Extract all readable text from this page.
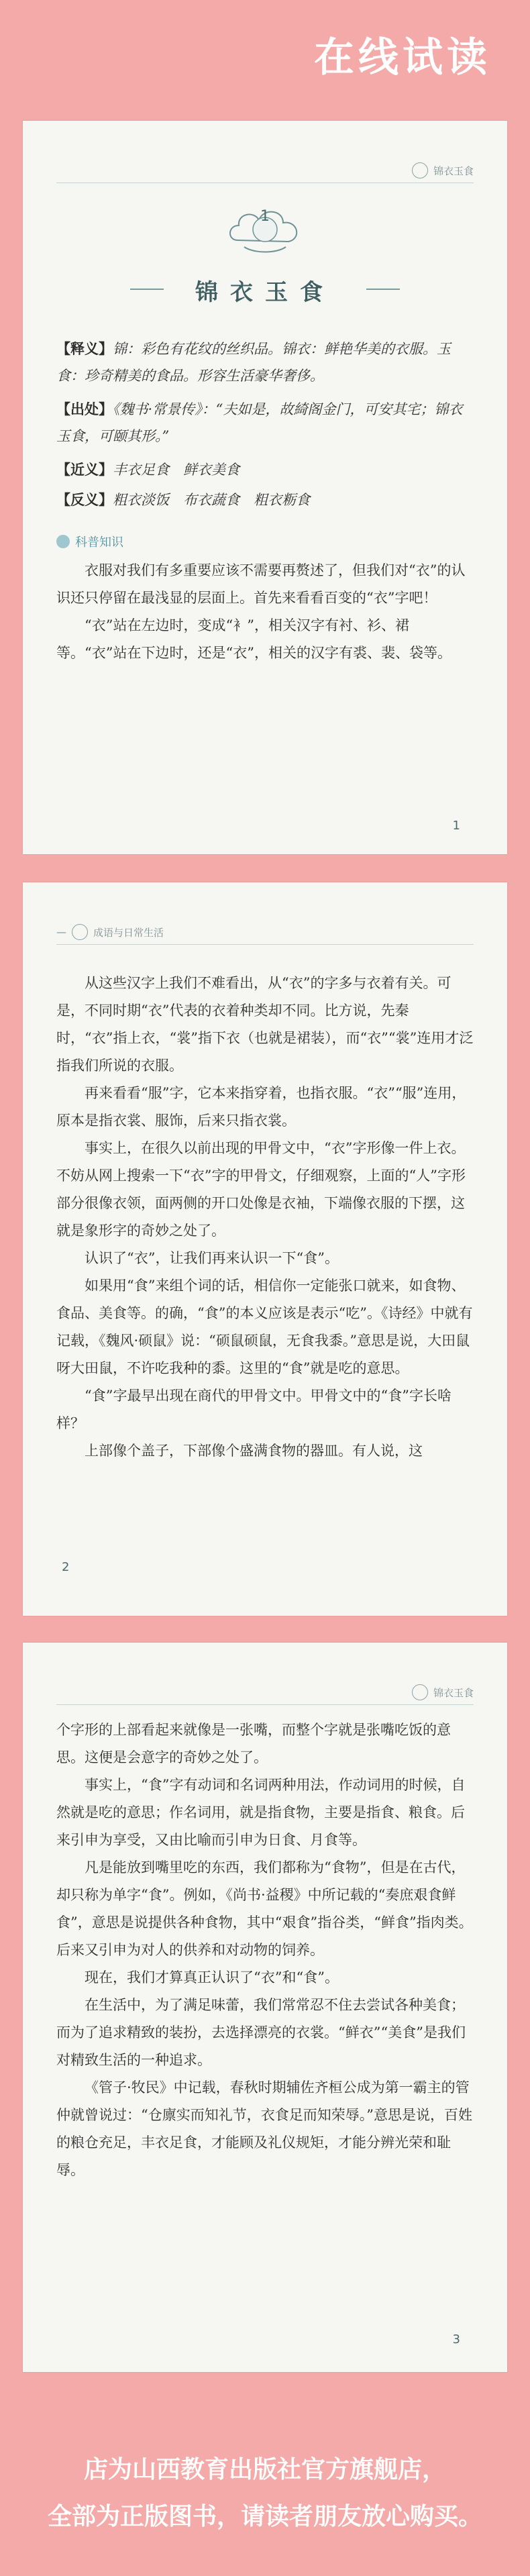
在线试读
锦衣玉食
1
锦衣玉食
【释义】锦：彩色有花纹的丝织品。锦衣：鲜艳华美的衣服。玉食：珍奇精美的食品。形容生活豪华奢侈。
【出处】《魏书·常景传》：“夫如是，故綺阁金门，可安其宅；锦衣玉食，可颐其形。”
【近义】丰衣足食　鲜衣美食
【反义】粗衣淡饭　布衣蔬食　粗衣粝食
科普知识

衣服对我们有多重要应该不需要再赘述了，但我们对“衣”的认识还只停留在最浅显的层面上。首先来看看百变的“衣”字吧！

“衣”站在左边时，变成“衤”，相关汉字有衬、衫、裙等。“衣”站在下边时，还是“衣”，相关的汉字有裘、裴、袋等。

1
—	成语与日常生活

从这些汉字上我们不难看出，从“衣”的字多与衣着有关。可是，不同时期“衣”代表的衣着种类却不同。比方说，先秦时，“衣”指上衣，“裳”指下衣（也就是裙装），而“衣”“裳”连用才泛指我们所说的衣服。

再来看看“服”字，它本来指穿着，也指衣服。“衣”“服”连用，原本是指衣裳、服饰，后来只指衣裳。

事实上，在很久以前出现的甲骨文中，“衣”字形像一件上衣。不妨从网上搜索一下“衣”字的甲骨文，仔细观察，上面的“人”字形部分很像衣领，面两侧的开口处像是衣袖，下端像衣服的下摆，这就是象形字的奇妙之处了。

认识了“衣”，让我们再来认识一下“食”。

如果用“食”来组个词的话，相信你一定能张口就来，如食物、食品、美食等。的确，“食”的本义应该是表示“吃”。《诗经》中就有记载，《魏风·硕鼠》说：“硕鼠硕鼠，无食我黍。”意思是说，大田鼠呀大田鼠，不许吃我种的黍。这里的“食”就是吃的意思。

“食”字最早出现在商代的甲骨文中。甲骨文中的“食”字长啥样？

上部像个盖子，下部像个盛满食物的器皿。有人说，这

2
锦衣玉食

个字形的上部看起来就像是一张嘴，而整个字就是张嘴吃饭的意思。这便是会意字的奇妙之处了。

事实上，“食”字有动词和名词两种用法，作动词用的时候，自然就是吃的意思；作名词用，就是指食物，主要是指食、粮食。后来引申为享受，又由比喻而引申为日食、月食等。

凡是能放到嘴里吃的东西，我们都称为“食物”，但是在古代，却只称为单字“食”。例如，《尚书·益稷》中所记载的“奏庶艰食鲜食”，意思是说提供各种食物，其中“艰食”指谷类，“鲜食”指肉类。后来又引申为对人的供养和对动物的饲养。

现在，我们才算真正认识了“衣”和“食”。

在生活中，为了满足味蕾，我们常常忍不住去尝试各种美食；而为了追求精致的装扮，去选择漂亮的衣裳。“鲜衣”“美食”是我们对精致生活的一种追求。

《管子·牧民》中记载，春秋时期辅佐齐桓公成为第一霸主的管仲就曾说过：“仓廪实而知礼节，衣食足而知荣辱。”意思是说，百姓的粮仓充足，丰衣足食，才能顾及礼仪规矩，才能分辨光荣和耻辱。

3
店为山西教育出版社官方旗舰店，
全部为正版图书，请读者朋友放心购买。
